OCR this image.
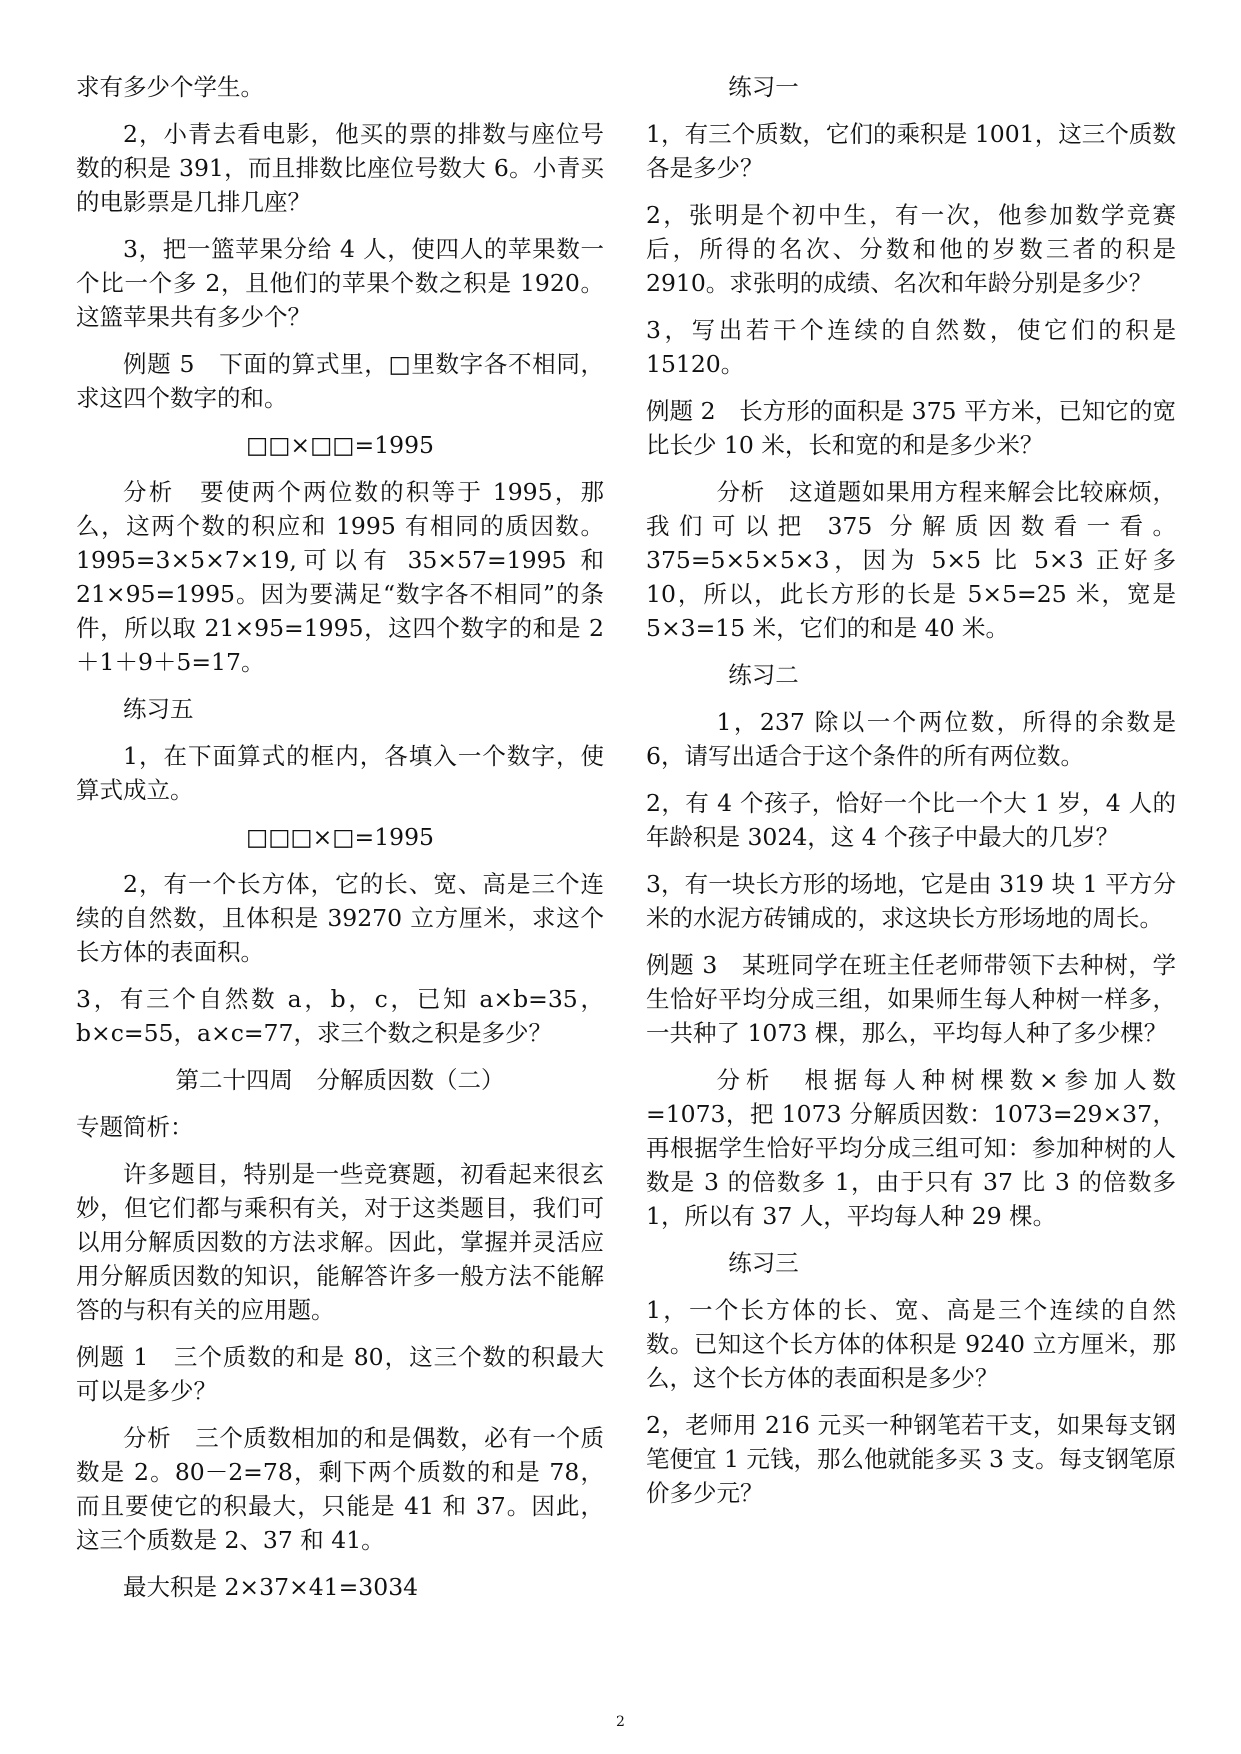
求有多少个学生。

2，小青去看电影，他买的票的排数与座位号数的积是 391，而且排数比座位号数大 6。小青买的电影票是几排几座？

3，把一篮苹果分给 4 人，使四人的苹果数一个比一个多 2，且他们的苹果个数之积是 1920。这篮苹果共有多少个？

例题 5　下面的算式里，□里数字各不相同，求这四个数字的和。

□□×□□=1995

分析　要使两个两位数的积等于 1995，那么，这两个数的积应和 1995 有相同的质因数。1995=3×5×7×19,可以有 35×57=1995 和 21×95=1995。因为要满足“数字各不相同”的条件，所以取 21×95=1995，这四个数字的和是 2＋1＋9＋5=17。

练习五

1，在下面算式的框内，各填入一个数字，使算式成立。

□□□×□=1995

2，有一个长方体，它的长、宽、高是三个连续的自然数，且体积是 39270 立方厘米，求这个长方体的表面积。

3，有三个自然数 a，b，c，已知 a×b=35，b×c=55，a×c=77，求三个数之积是多少？

第二十四周　分解质因数（二）

专题简析：

许多题目，特别是一些竞赛题，初看起来很玄妙，但它们都与乘积有关，对于这类题目，我们可以用分解质因数的方法求解。因此，掌握并灵活应用分解质因数的知识，能解答许多一般方法不能解答的与积有关的应用题。

例题 1　三个质数的和是 80，这三个数的积最大可以是多少？

分析　三个质数相加的和是偶数，必有一个质数是 2。80－2=78，剩下两个质数的和是 78，而且要使它的积最大，只能是 41 和 37。因此，这三个质数是 2、37 和 41。

最大积是 2×37×41=3034

练习一

1，有三个质数，它们的乘积是 1001，这三个质数各是多少？

2，张明是个初中生，有一次，他参加数学竞赛后，所得的名次、分数和他的岁数三者的积是 2910。求张明的成绩、名次和年龄分别是多少？

3，写出若干个连续的自然数，使它们的积是 15120。

例题 2　长方形的面积是 375 平方米，已知它的宽比长少 10 米，长和宽的和是多少米？

分析　这道题如果用方程来解会比较麻烦，我们可以把 375 分解质因数看一看。375=5×5×5×3，因为 5×5 比 5×3 正好多 10，所以，此长方形的长是 5×5=25 米，宽是 5×3=15 米，它们的和是 40 米。

练习二

1，237 除以一个两位数，所得的余数是 6，请写出适合于这个条件的所有两位数。

2，有 4 个孩子，恰好一个比一个大 1 岁，4 人的年龄积是 3024，这 4 个孩子中最大的几岁？

3，有一块长方形的场地，它是由 319 块 1 平方分米的水泥方砖铺成的，求这块长方形场地的周长。

例题 3　某班同学在班主任老师带领下去种树，学生恰好平均分成三组，如果师生每人种树一样多，一共种了 1073 棵，那么，平均每人种了多少棵？

分析　根据每人种树棵数×参加人数=1073，把 1073 分解质因数：1073=29×37，再根据学生恰好平均分成三组可知：参加种树的人数是 3 的倍数多 1，由于只有 37 比 3 的倍数多 1，所以有 37 人，平均每人种 29 棵。

练习三

1，一个长方体的长、宽、高是三个连续的自然数。已知这个长方体的体积是 9240 立方厘米，那么，这个长方体的表面积是多少？

2，老师用 216 元买一种钢笔若干支，如果每支钢笔便宜 1 元钱，那么他就能多买 3 支。每支钢笔原价多少元？

2
